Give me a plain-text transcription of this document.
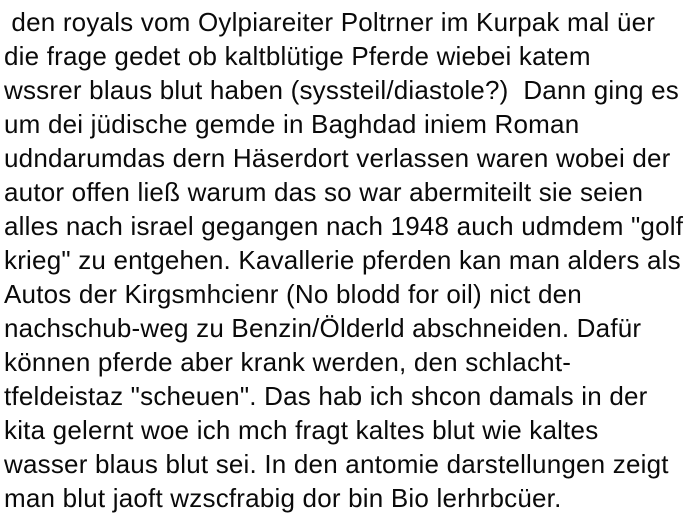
den royals vom Oylpiareiter Poltrner im Kurpak mal üer
die frage gedet ob kaltblütige Pferde wiebei katem
wssrer blaus blut haben (syssteil/diastole?)  Dann ging es
um dei jüdische gemde in Baghdad iniem Roman
udndarumdas dern Häserdort verlassen waren wobei der
autor offen ließ warum das so war abermiteilt sie seien
alles nach israel gegangen nach 1948 auch udmdem "golf
krieg" zu entgehen. Kavallerie pferden kan man alders als
Autos der Kirgsmhcienr (No blodd for oil) nict den
nachschub-weg zu Benzin/Ölderld abschneiden. Dafür
können pferde aber krank werden, den schlacht-
tfeldeistaz "scheuen". Das hab ich shcon damals in der
kita gelernt woe ich mch fragt kaltes blut wie kaltes
wasser blaus blut sei. In den antomie darstellungen zeigt
man blut jaoft wzscfrabig dor bin Bio lerhrbcüer.
